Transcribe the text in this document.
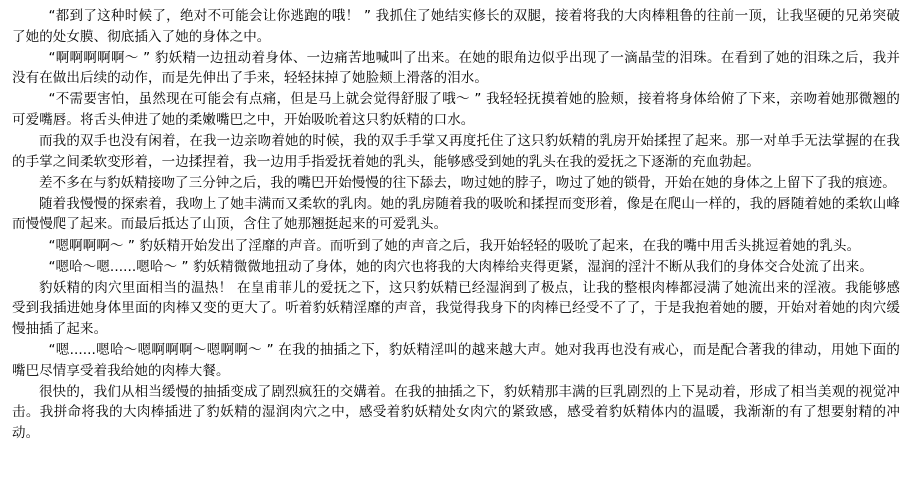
“都到了这种时候了，绝对不可能会让你逃跑的哦！ ” 我抓住了她结实修长的双腿，接着将我的大肉棒粗鲁的往前一顶，让我坚硬的兄弟突破了她的处女膜、彻底插入了她的身体之中。

“啊啊啊啊啊～ ” 豹妖精一边扭动着身体、一边痛苦地喊叫了出来。在她的眼角边似乎出现了一滴晶莹的泪珠。在看到了她的泪珠之后，我并没有在做出后续的动作，而是先伸出了手来，轻轻抹掉了她脸颊上滑落的泪水。

“不需要害怕，虽然现在可能会有点痛，但是马上就会觉得舒服了哦～ ” 我轻轻抚摸着她的脸颊，接着将身体给俯了下来，亲吻着她那微翘的可爱嘴唇。将舌头伸进了她的柔嫩嘴巴之中，开始吸吮着这只豹妖精的口水。

而我的双手也没有闲着，在我一边亲吻着她的时候，我的双手手掌又再度托住了这只豹妖精的乳房开始揉捏了起来。那一对单手无法掌握的在我的手掌之间柔软变形着，一边揉捏着，我一边用手指爱抚着她的乳头，能够感受到她的乳头在我的爱抚之下逐渐的充血勃起。

差不多在与豹妖精接吻了三分钟之后，我的嘴巴开始慢慢的往下舔去，吻过她的脖子，吻过了她的锁骨，开始在她的身体之上留下了我的痕迹。

随着我慢慢的探索着，我吻上了她丰满而又柔软的乳肉。她的乳房随着我的吸吮和揉捏而变形着，像是在爬山一样的，我的唇随着她的柔软山峰而慢慢爬了起来。而最后抵达了山顶，含住了她那翘挺起来的可爱乳头。

“嗯啊啊啊～ ” 豹妖精开始发出了淫靡的声音。而听到了她的声音之后，我开始轻轻的吸吮了起来，在我的嘴中用舌头挑逗着她的乳头。

“嗯哈～嗯......嗯哈～ ” 豹妖精微微地扭动了身体，她的肉穴也将我的大肉棒给夹得更紧，湿润的淫汁不断从我们的身体交合处流了出来。

豹妖精的肉穴里面相当的温热！ 在皇甫菲儿的爱抚之下，这只豹妖精已经湿润到了极点，让我的整根肉棒都浸满了她流出来的淫液。我能够感受到我插进她身体里面的肉棒又变的更大了。听着豹妖精淫靡的声音，我觉得我身下的肉棒已经受不了了，于是我抱着她的腰，开始对着她的肉穴缓慢抽插了起来。

“嗯......嗯哈～嗯啊啊啊～嗯啊啊～ ” 在我的抽插之下，豹妖精淫叫的越来越大声。她对我再也没有戒心，而是配合著我的律动，用她下面的嘴巴尽情享受着我给她的肉棒大餐。

很快的，我们从相当缓慢的抽插变成了剧烈疯狂的交媾着。在我的抽插之下，豹妖精那丰满的巨乳剧烈的上下晃动着，形成了相当美观的视觉冲击。我拼命将我的大肉棒插进了豹妖精的湿润肉穴之中，感受着豹妖精处女肉穴的紧致感，感受着豹妖精体内的温暖，我渐渐的有了想要射精的冲动。
